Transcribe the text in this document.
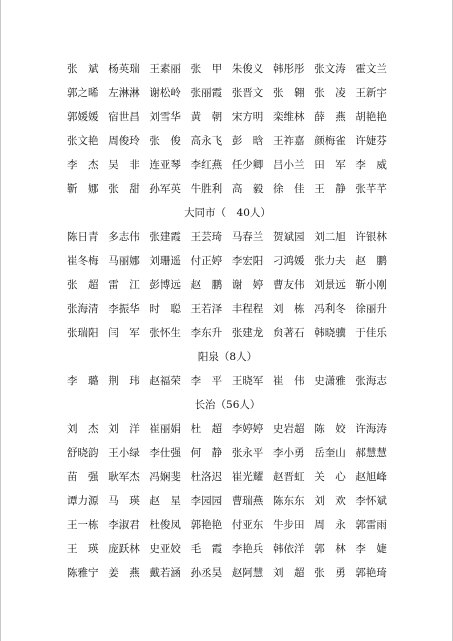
张　斌 杨英瑞 王素丽 张　甲 朱俊义 韩彤彤 张文涛 霍文兰
郭之晞 左淋淋 谢松岭 张丽霞 张晋文 张　翱 张　凌 王新宇
郭媛媛 宿世昌 刘雪华 黄　朝 宋方明 栾维林 薛　燕 胡艳艳
张文艳 周俊玲 张　俊 高永飞 彭　晗 王祚嘉 颜梅雀 许婕芬
李　杰 吴　非 连亚琴 李红燕 任少卿 吕小兰 田　军 李　威
靳　娜 张　甜 孙军英 牛胜利 高　毅 徐　佳 王　静 张芊芊
大同市（　40人）
陈日青 多志伟 张建霞 王芸琦 马春兰 贺斌园 刘二旭 许银林
崔冬梅 马丽娜 刘珊遥 付正婷 李宏阳 刁鸿媛 张力夫 赵　鹏
张　超 雷　江 彭博远 赵　鹏 谢　婷 曹友伟 刘景远 靳小刚
张海清 李振华 时　聪 王若泽 丰程程 刘　栋 冯利冬 徐丽升
张瑞阳 闫　军 张怀生 李东升 张建龙 贠著石 韩晓骥 于佳乐
阳泉（8人）
李　璐 荆　玮 赵福荣 李　平 王晓军 崔　伟 史潇雅 张海志
长治（56人）
刘　杰 刘　洋 崔丽娟 杜　超 李婷婷 史岩超 陈　姣 许海涛
舒晓韵 王小绿 李仕强 何　静 张永平 李小勇 岳奎山 郝慧慧
苗　强 耿军杰 冯娴斐 杜洛迟 崔光耀 赵晋虹 关　心 赵旭峰
谭力源 马　瑛 赵　星 李园园 曹瑞燕 陈东东 刘　欢 李怀斌
王一栋 李淑君 杜俊凤 郭艳艳 付亚东 牛步田 周　永 郭雷雨
王　瑛 庞跃林 史亚姣 毛　霞 李艳兵 韩依洋 郭　林 李　婕
陈雅宁 姜　燕 戴若涵 孙丞昊 赵阿慧 刘　超 张　勇 郭艳琦
